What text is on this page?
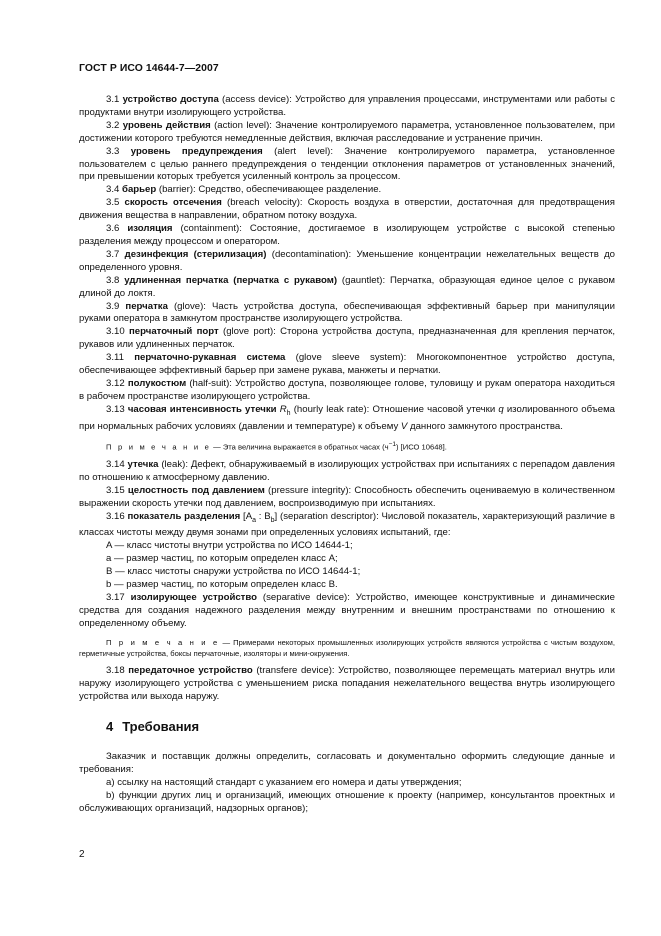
ГОСТ Р ИСО 14644-7—2007

3.1 устройство доступа (access device): Устройство для управления процессами, инструментами или работы с продуктами внутри изолирующего устройства.

3.2 уровень действия (action level): Значение контролируемого параметра, установленное пользователем, при достижении которого требуются немедленные действия, включая расследование и устранение причин.

3.3 уровень предупреждения (alert level): Значение контролируемого параметра, установленное пользователем с целью раннего предупреждения о тенденции отклонения параметров от установленных значений, при превышении которых требуется усиленный контроль за процессом.

3.4 барьер (barrier): Средство, обеспечивающее разделение.

3.5 скорость отсечения (breach velocity): Скорость воздуха в отверстии, достаточная для предотвращения движения вещества в направлении, обратном потоку воздуха.

3.6 изоляция (containment): Состояние, достигаемое в изолирующем устройстве с высокой степенью разделения между процессом и оператором.

3.7 дезинфекция (стерилизация) (decontamination): Уменьшение концентрации нежелательных веществ до определенного уровня.

3.8 удлиненная перчатка (перчатка с рукавом) (gauntlet): Перчатка, образующая единое целое с рукавом длиной до локтя.

3.9 перчатка (glove): Часть устройства доступа, обеспечивающая эффективный барьер при манипуляции руками оператора в замкнутом пространстве изолирующего устройства.

3.10 перчаточный порт (glove port): Сторона устройства доступа, предназначенная для крепления перчаток, рукавов или удлиненных перчаток.

3.11 перчаточно-рукавная система (glove sleeve system): Многокомпонентное устройство доступа, обеспечивающее эффективный барьер при замене рукава, манжеты и перчатки.

3.12 полукостюм (half-suit): Устройство доступа, позволяющее голове, туловищу и рукам оператора находиться в рабочем пространстве изолирующего устройства.

3.13 часовая интенсивность утечки $R_h$ (hourly leak rate): Отношение часовой утечки q изолированного объема при нормальных рабочих условиях (давлении и температуре) к объему V данного замкнутого пространства.

П р и м е ч а н и е — Эта величина выражается в обратных часах $(ч^{-1})$ [ИСО 10648].

3.14 утечка (leak): Дефект, обнаруживаемый в изолирующих устройствах при испытаниях с перепадом давления по отношению к атмосферному давлению.

3.15 целостность под давлением (pressure integrity): Способность обеспечить оцениваемую в количественном выражении скорость утечки под давлением, воспроизводимую при испытаниях.

3.16 показатель разделения [$A_a$ : $B_b$] (separation descriptor): Числовой показатель, характеризующий различие в классах чистоты между двумя зонами при определенных условиях испытаний, где:

A — класс чистоты внутри устройства по ИСО 14644-1;

a — размер частиц, по которым определен класс A;

B — класс чистоты снаружи устройства по ИСО 14644-1;

b — размер частиц, по которым определен класс B.

3.17 изолирующее устройство (separative device): Устройство, имеющее конструктивные и динамические средства для создания надежного разделения между внутренним и внешним пространствами по отношению к определенному объему.

П р и м е ч а н и е — Примерами некоторых промышленных изолирующих устройств являются устройства с чистым воздухом, герметичные устройства, боксы перчаточные, изоляторы и мини-окружения.

3.18 передаточное устройство (transfere device): Устройство, позволяющее перемещать материал внутрь или наружу изолирующего устройства с уменьшением риска попадания нежелательного вещества внутрь изолирующего устройства или выхода наружу.

4 Требования

Заказчик и поставщик должны определить, согласовать и документально оформить следующие данные и требования:

a) ссылку на настоящий стандарт с указанием его номера и даты утверждения;

b) функции других лиц и организаций, имеющих отношение к проекту (например, консультантов проектных и обслуживающих организаций, надзорных органов);

2
